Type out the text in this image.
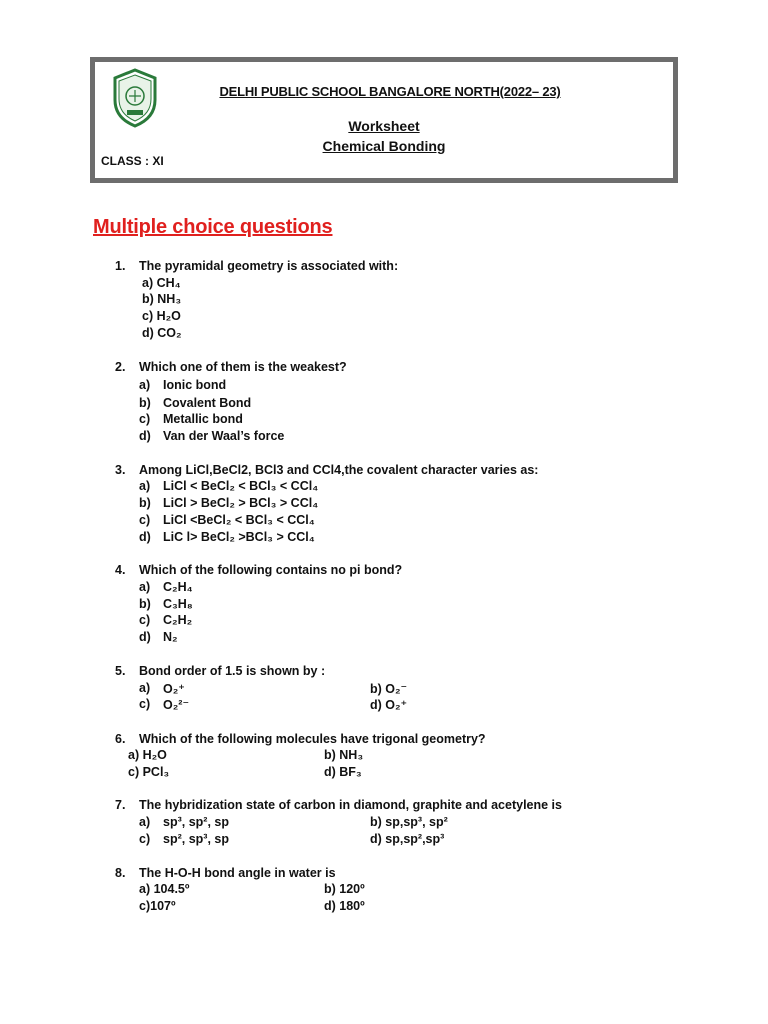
DELHI PUBLIC SCHOOL BANGALORE NORTH(2022– 23)
Worksheet
Chemical Bonding
CLASS : XI
Multiple choice questions
1. The pyramidal geometry is associated with:
a) CH₄
b) NH₃
c) H₂O
d) CO₂
2. Which one of them is the weakest?
a) Ionic bond
b) Covalent Bond
c) Metallic bond
d) Van der Waal’s force
3. Among LiCl,BeCl2, BCl3 and CCl4,the covalent character varies as:
a) LiCl < BeCl₂ < BCl₃ < CCl₄
b) LiCl > BeCl₂ > BCl₃ > CCl₄
c) LiCl <BeCl₂ < BCl₃ < CCl₄
d) LiC l> BeCl₂ >BCl₃ > CCl₄
4. Which of the following contains no pi bond?
a) C₂H₄
b) C₃H₈
c) C₂H₂
d) N₂
5. Bond order of 1.5 is shown by :
a) O₂⁺	b) O₂⁻
c) O₂²⁻	d) O₂⁺
6. Which of the following molecules have trigonal geometry?
a) H₂O	b) NH₃
c) PCl₃	d) BF₃
7. The hybridization state of carbon in diamond, graphite and acetylene is
a) sp³, sp², sp	b) sp,sp³, sp²
c) sp², sp³, sp	d) sp,sp²,sp³
8. The H-O-H bond angle in water is
a) 104.5º	b) 120º
c)107º	d) 180º
